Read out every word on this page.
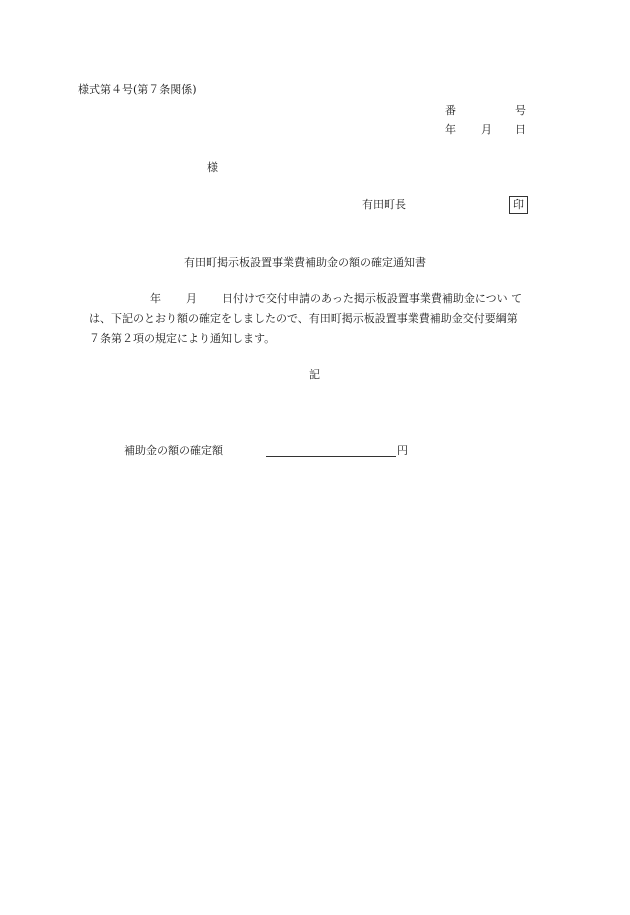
様式第４号(第７条関係)
番	号
年 月 日
様
有田町長	印
有田町掲示板設置事業費補助金の額の確定通知書
年 月 日付けで交付申請のあった掲示板設置事業費補助金につい て
は、下記のとおり額の確定をしましたので、有田町掲示板設置事業費補助金交付要綱第
７条第２項の規定により通知します。
記
補助金の額の確定額	円
